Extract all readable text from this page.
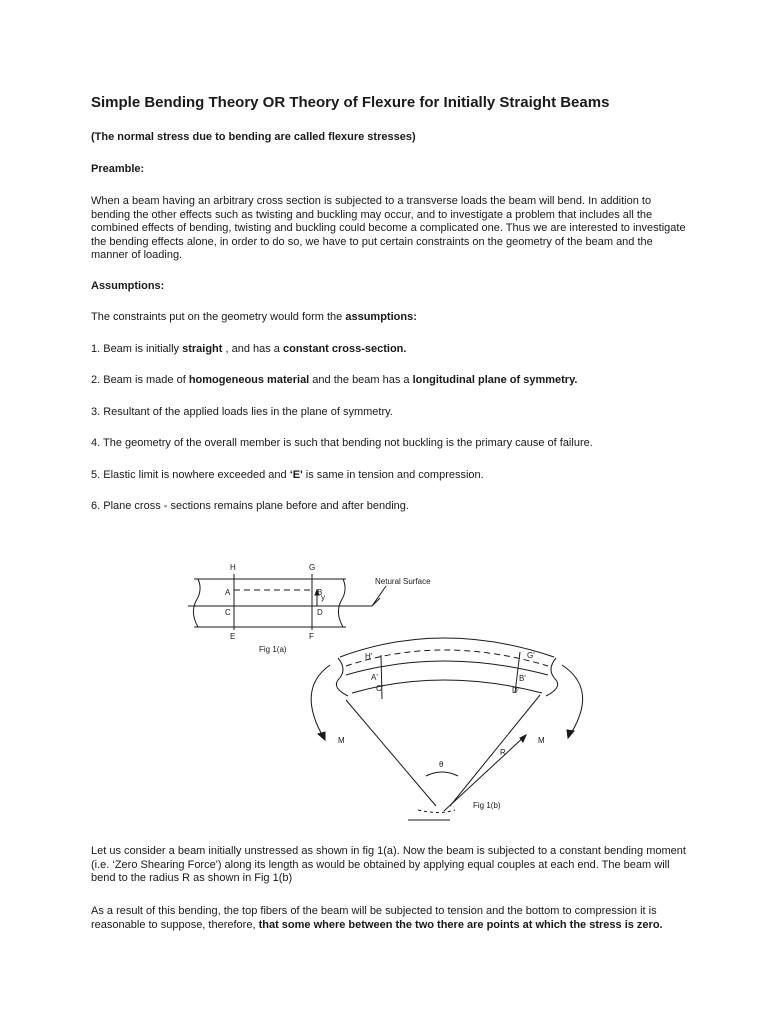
Simple Bending Theory OR Theory of Flexure for Initially Straight Beams

(The normal stress due to bending are called flexure stresses)

Preamble:

When a beam having an arbitrary cross section is subjected to a transverse loads the beam will bend. In addition to bending the other effects such as twisting and buckling may occur, and to investigate a problem that includes all the combined effects of bending, twisting and buckling could become a complicated one. Thus we are interested to investigate the bending effects alone, in order to do so, we have to put certain constraints on the geometry of the beam and the manner of loading.

Assumptions:

The constraints put on the geometry would form the assumptions:

1. Beam is initially straight , and has a constant cross-section.

2. Beam is made of homogeneous material and the beam has a longitudinal plane of symmetry.

3. Resultant of the applied loads lies in the plane of symmetry.

4. The geometry of the overall member is such that bending not buckling is the primary cause of failure.

5. Elastic limit is nowhere exceeded and ‘E' is same in tension and compression.

6. Plane cross - sections remains plane before and after bending.

H	G
A	B
C	D
y
E	F
Netural Surface
Fig 1(a)
H'	G'
A'	B'
C'	D'
M	M
R
θ
Fig 1(b)

Let us consider a beam initially unstressed as shown in fig 1(a). Now the beam is subjected to a constant bending moment (i.e. ‘Zero Shearing Force') along its length as would be obtained by applying equal couples at each end. The beam will bend to the radius R as shown in Fig 1(b)

As a result of this bending, the top fibers of the beam will be subjected to tension and the bottom to compression it is reasonable to suppose, therefore, that some where between the two there are points at which the stress is zero.
